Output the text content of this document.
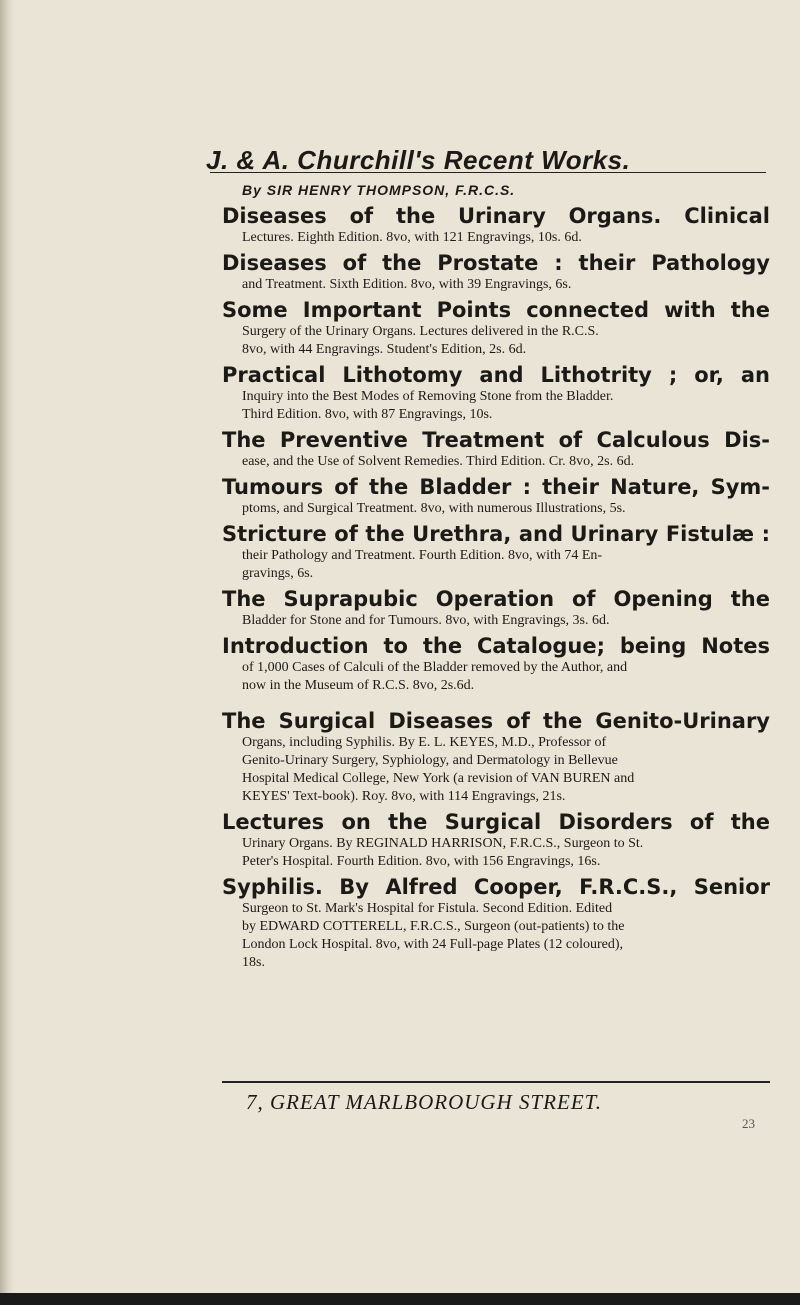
J. & A. Churchill's Recent Works.
By SIR HENRY THOMPSON, F.R.C.S.
Diseases of the Urinary Organs. Clinical
Lectures. Eighth Edition. 8vo, with 121 Engravings, 10s. 6d.
Diseases of the Prostate : their Pathology
and Treatment. Sixth Edition. 8vo, with 39 Engravings, 6s.
Some Important Points connected with the
Surgery of the Urinary Organs. Lectures delivered in the R.C.S.
8vo, with 44 Engravings. Student's Edition, 2s. 6d.
Practical Lithotomy and Lithotrity ; or, an
Inquiry into the Best Modes of Removing Stone from the Bladder.
Third Edition. 8vo, with 87 Engravings, 10s.
The Preventive Treatment of Calculous Dis-
ease, and the Use of Solvent Remedies. Third Edition. Cr. 8vo, 2s. 6d.
Tumours of the Bladder : their Nature, Sym-
ptoms, and Surgical Treatment. 8vo, with numerous Illustrations, 5s.
Stricture of the Urethra, and Urinary Fistulæ :
their Pathology and Treatment. Fourth Edition. 8vo, with 74 En-
gravings, 6s.
The Suprapubic Operation of Opening the
Bladder for Stone and for Tumours. 8vo, with Engravings, 3s. 6d.
Introduction to the Catalogue; being Notes
of 1,000 Cases of Calculi of the Bladder removed by the Author, and
now in the Museum of R.C.S. 8vo, 2s.6d.
The Surgical Diseases of the Genito-Urinary
Organs, including Syphilis. By E. L. KEYES, M.D., Professor of
Genito-Urinary Surgery, Syphiology, and Dermatology in Bellevue
Hospital Medical College, New York (a revision of VAN BUREN and
KEYES' Text-book). Roy. 8vo, with 114 Engravings, 21s.
Lectures on the Surgical Disorders of the
Urinary Organs. By REGINALD HARRISON, F.R.C.S., Surgeon to St.
Peter's Hospital. Fourth Edition. 8vo, with 156 Engravings, 16s.
Syphilis. By Alfred Cooper, F.R.C.S., Senior
Surgeon to St. Mark's Hospital for Fistula. Second Edition. Edited
by EDWARD COTTERELL, F.R.C.S., Surgeon (out-patients) to the
London Lock Hospital. 8vo, with 24 Full-page Plates (12 coloured),
18s.
7, GREAT MARLBOROUGH STREET.
23
